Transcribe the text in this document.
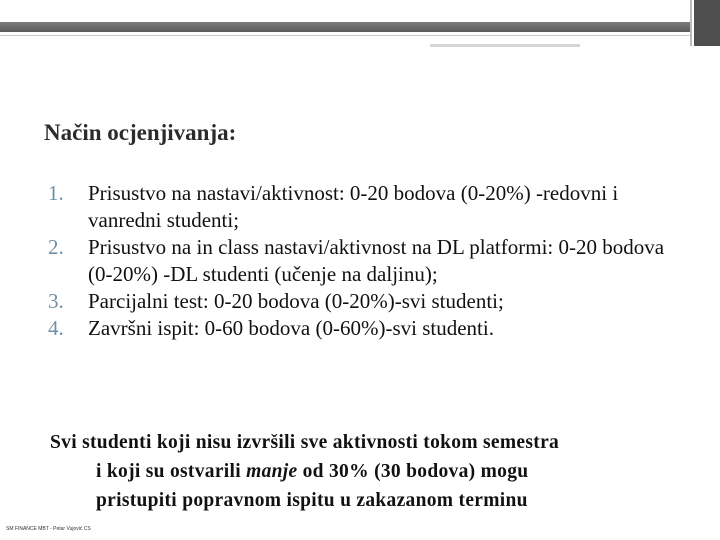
Način ocjenjivanja:
1. Prisustvo na nastavi/aktivnost: 0-20 bodova (0-20%) -redovni i vanredni studenti;
2. Prisustvo na in class nastavi/aktivnost na DL platformi: 0-20 bodova (0-20%) -DL studenti (učenje na daljinu);
3. Parcijalni test: 0-20 bodova (0-20%)-svi studenti;
4. Završni ispit: 0-60 bodova (0-60%)-svi studenti.
Svi studenti koji nisu izvršili sve aktivnosti tokom semestra
i koji su ostvarili manje od 30% (30 bodova) mogu
pristupiti popravnom ispitu u zakazanom terminu
SM FINANCE MBT - Petar Vujović CS
